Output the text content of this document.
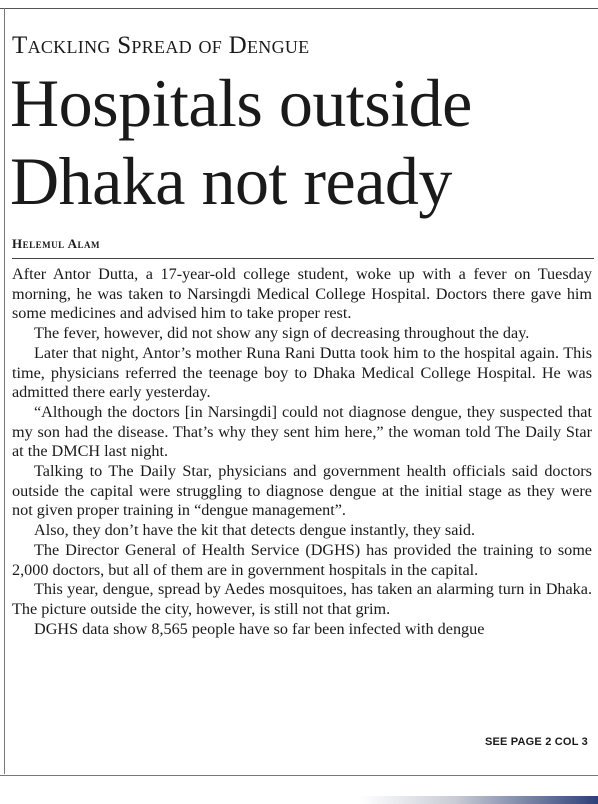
Tackling Spread of Dengue
Hospitals outside Dhaka not ready
Helemul Alam

After Antor Dutta, a 17-year-old college student, woke up with a fever on Tuesday morning, he was taken to Narsingdi Medical College Hospital. Doctors there gave him some medicines and advised him to take proper rest.

The fever, however, did not show any sign of decreasing throughout the day.

Later that night, Antor’s mother Runa Rani Dutta took him to the hospital again. This time, physicians referred the teenage boy to Dhaka Medical College Hospital. He was admitted there early yesterday.

“Although the doctors [in Narsingdi] could not diagnose dengue, they suspected that my son had the disease. That’s why they sent him here,” the woman told The Daily Star at the DMCH last night.

Talking to The Daily Star, physicians and government health officials said doctors outside the capital were struggling to diagnose dengue at the initial stage as they were not given proper training in “dengue management”.

Also, they don’t have the kit that detects dengue instantly, they said.

The Director General of Health Service (DGHS) has provided the training to some 2,000 doctors, but all of them are in government hospitals in the capital.

This year, dengue, spread by Aedes mosquitoes, has taken an alarming turn in Dhaka. The picture outside the city, however, is still not that grim.

DGHS data show 8,565 people have so far been infected with dengue

SEE PAGE 2 COL 3
